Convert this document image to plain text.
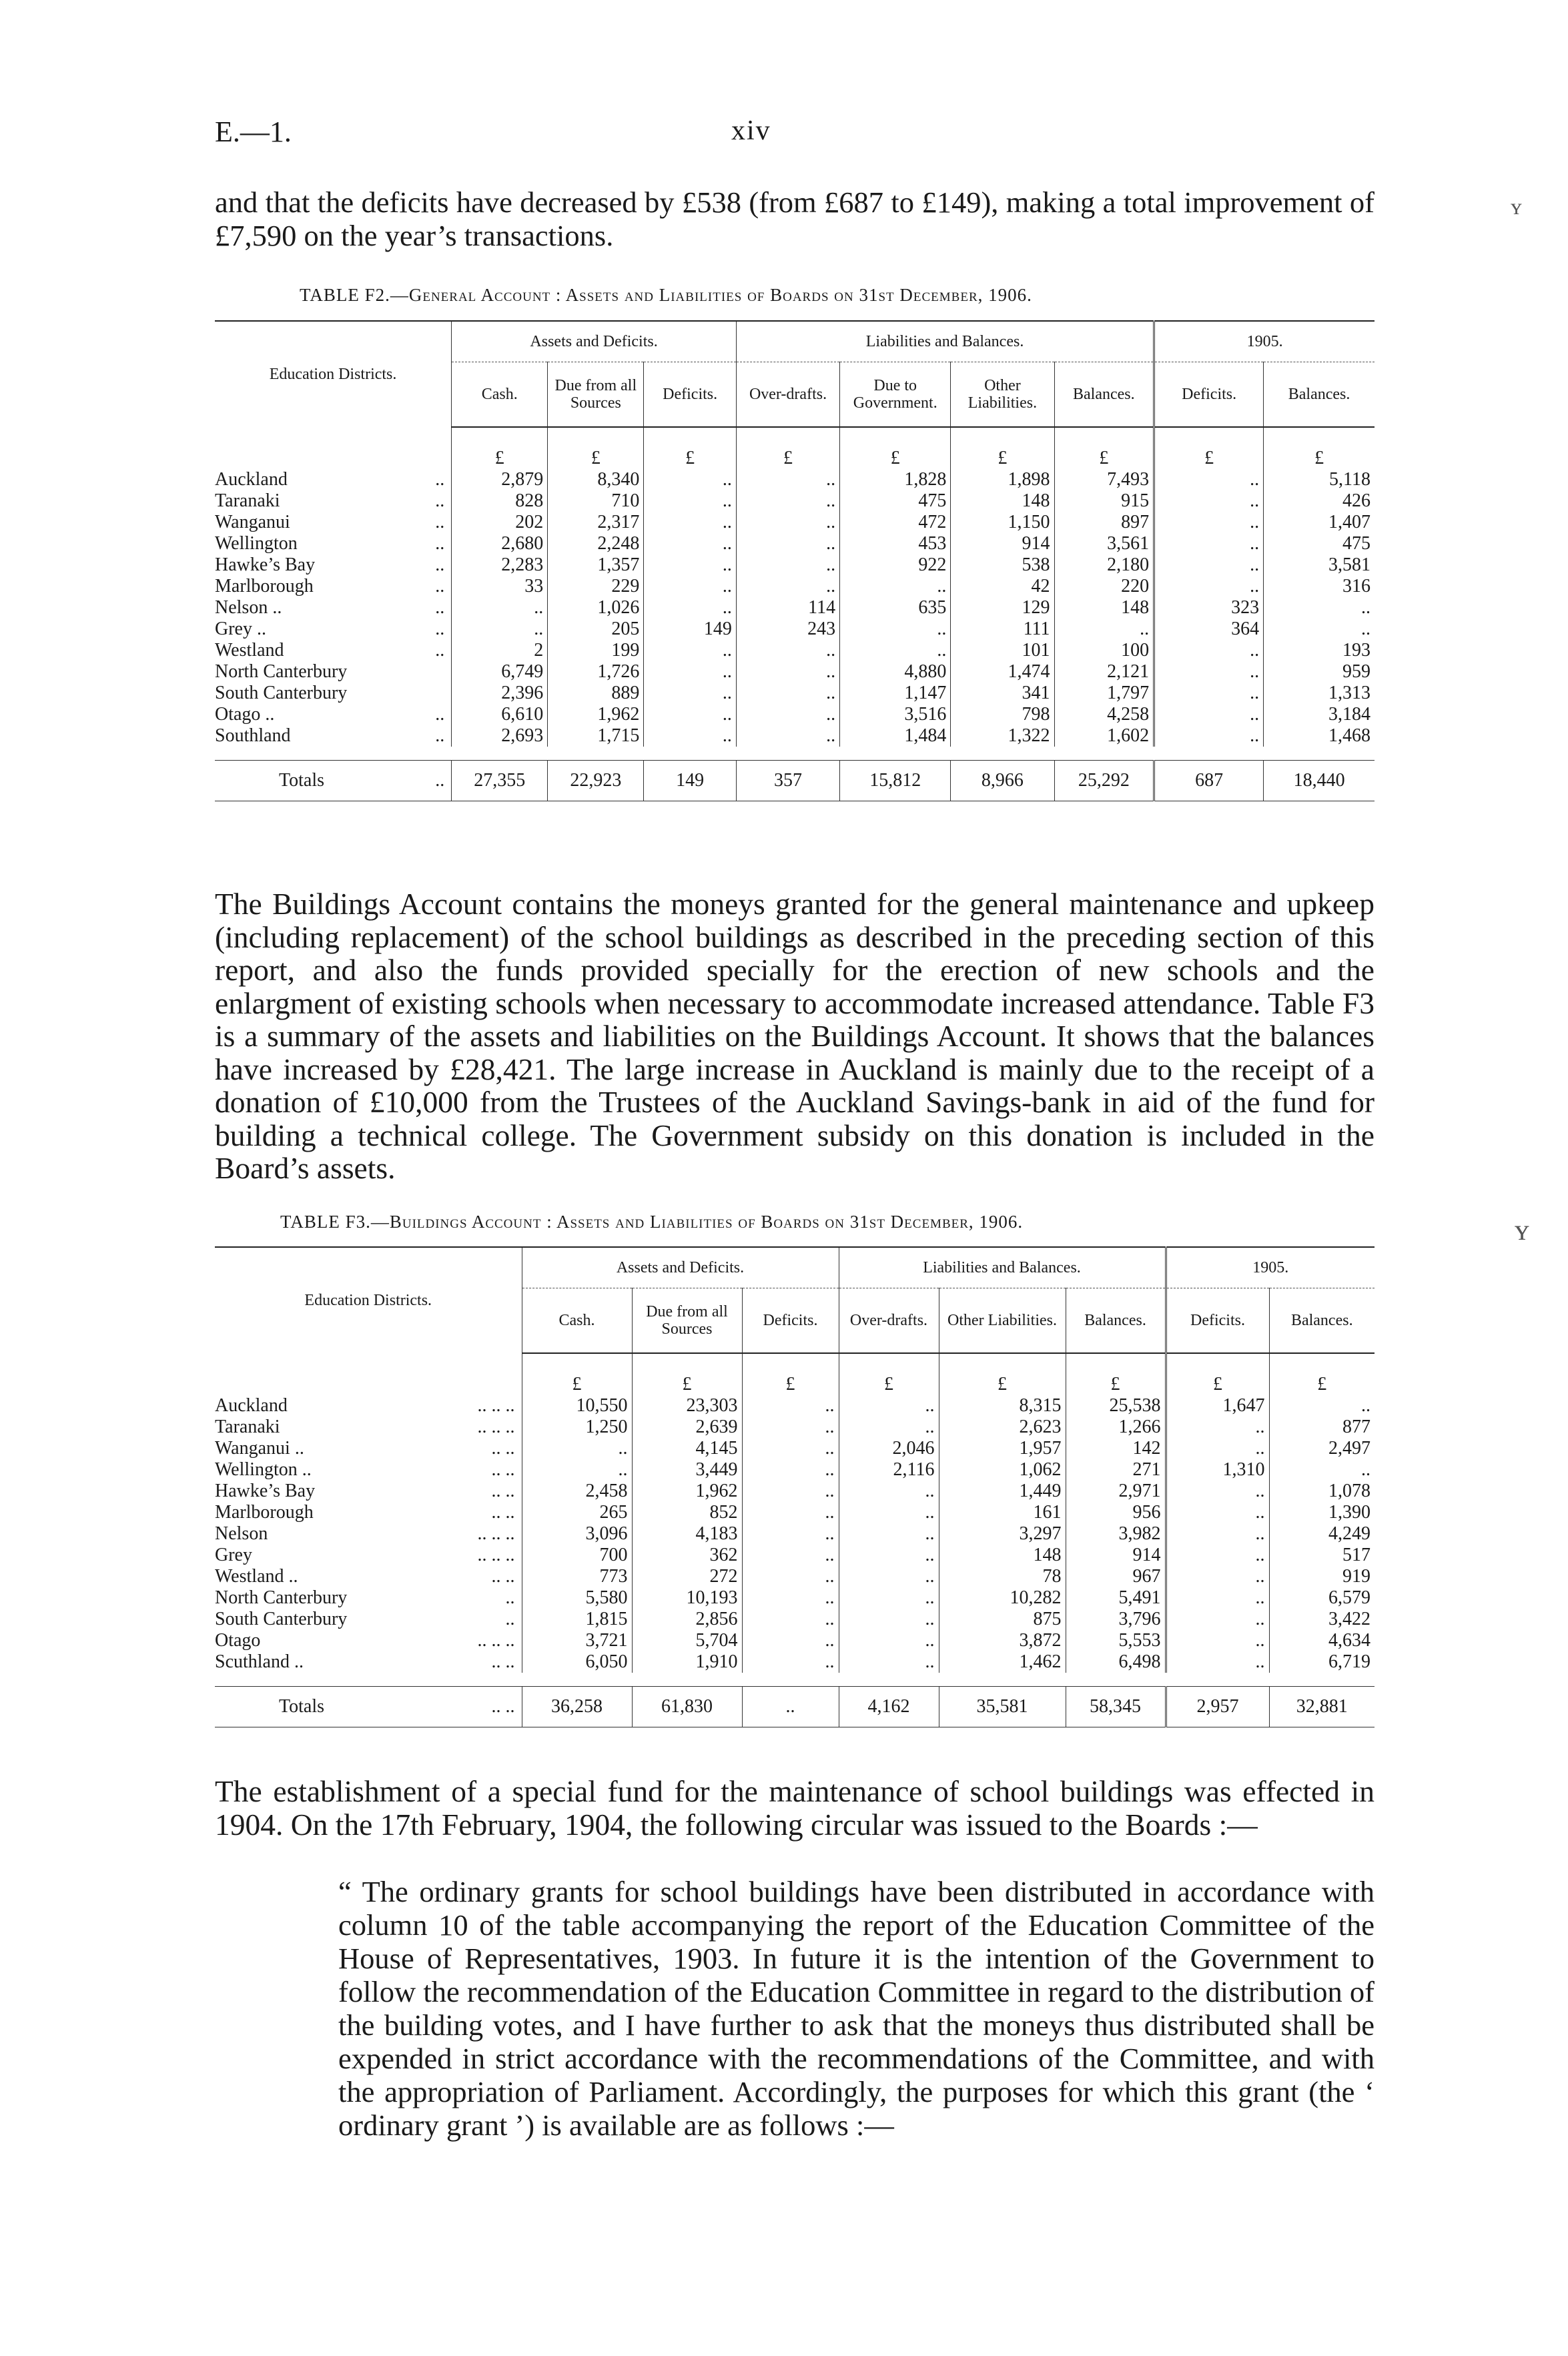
E.—1.	xiv

and that the deficits have decreased by £538 (from £687 to £149), making a total improvement of £7,590 on the year’s transactions.

TABLE F2.—General Account : Assets and Liabilities of Boards on 31st December, 1906.
Education Districts.		Assets and Deficits.			Liabilities and Balances.				1905.	
		Cash.	Due from all Sources	Deficits.	Over-drafts.	Due to Government.	Other Liabilities.	Balances.	Deficits.	Balances.
		£	£	£	£	£	£	£	£	£
Auckland	..	2,879	8,340	..	..	1,828	1,898	7,493	..	5,118
Taranaki	..	828	710	..	..	475	148	915	..	426
Wanganui	..	202	2,317	..	..	472	1,150	897	..	1,407
Wellington	..	2,680	2,248	..	..	453	914	3,561	..	475
Hawke’s Bay	..	2,283	1,357	..	..	922	538	2,180	..	3,581
Marlborough	..	33	229	..	..	..	42	220	..	316
Nelson ..	..	..	1,026	..	114	635	129	148	323	..
Grey ..	..	..	205	149	243	..	111	..	364	..
Westland	..	2	199	..	..	..	101	100	..	193
North Canterbury		6,749	1,726	..	..	4,880	1,474	2,121	..	959
South Canterbury		2,396	889	..	..	1,147	341	1,797	..	1,313
Otago ..	..	6,610	1,962	..	..	3,516	798	4,258	..	3,184
Southland	..	2,693	1,715	..	..	1,484	1,322	1,602	..	1,468

Totals	..	27,355	22,923	149	357	15,812	8,966	25,292	687	18,440

The Buildings Account contains the moneys granted for the general maintenance and upkeep (including replacement) of the school buildings as described in the preceding section of this report, and also the funds provided specially for the erection of new schools and the enlargment of existing schools when necessary to accommodate increased attendance. Table F3 is a summary of the assets and liabilities on the Buildings Account. It shows that the balances have increased by £28,421. The large increase in Auckland is mainly due to the receipt of a donation of £10,000 from the Trustees of the Auckland Savings-bank in aid of the fund for building a technical college. The Government subsidy on this donation is included in the Board’s assets.

TABLE F3.—Buildings Account : Assets and Liabilities of Boards on 31st December, 1906.
Education Districts.		Assets and Deficits.			Liabilities and Balances.			1905.	
		Cash.	Due from all Sources	Deficits.	Over-drafts.	Other Liabilities.	Balances.	Deficits.	Balances.
		£	£	£	£	£	£	£	£
Auckland	.. .. ..	10,550	23,303	..	..	8,315	25,538	1,647	..
Taranaki	.. .. ..	1,250	2,639	..	..	2,623	1,266	..	877
Wanganui ..	.. ..	..	4,145	..	2,046	1,957	142	..	2,497
Wellington ..	.. ..	..	3,449	..	2,116	1,062	271	1,310	..
Hawke’s Bay	.. ..	2,458	1,962	..	..	1,449	2,971	..	1,078
Marlborough	.. ..	265	852	..	..	161	956	..	1,390
Nelson	.. .. ..	3,096	4,183	..	..	3,297	3,982	..	4,249
Grey	.. .. ..	700	362	..	..	148	914	..	517
Westland ..	.. ..	773	272	..	..	78	967	..	919
North Canterbury	..	5,580	10,193	..	..	10,282	5,491	..	6,579
South Canterbury	..	1,815	2,856	..	..	875	3,796	..	3,422
Otago	.. .. ..	3,721	5,704	..	..	3,872	5,553	..	4,634
Scuthland ..	.. ..	6,050	1,910	..	..	1,462	6,498	..	6,719

Totals	.. ..	36,258	61,830	..	4,162	35,581	58,345	2,957	32,881

The establishment of a special fund for the maintenance of school buildings was effected in 1904. On the 17th February, 1904, the following circular was issued to the Boards :—

“ The ordinary grants for school buildings have been distributed in accordance with column 10 of the table accompanying the report of the Education Committee of the House of Representatives, 1903. In future it is the intention of the Government to follow the recommendation of the Education Committee in regard to the distribution of the building votes, and I have further to ask that the moneys thus distributed shall be expended in strict accordance with the recommendations of the Committee, and with the appropriation of Parliament. Accordingly, the purposes for which this grant (the ‘ ordinary grant ’) is available are as follows :—

ʏ
ʏ
